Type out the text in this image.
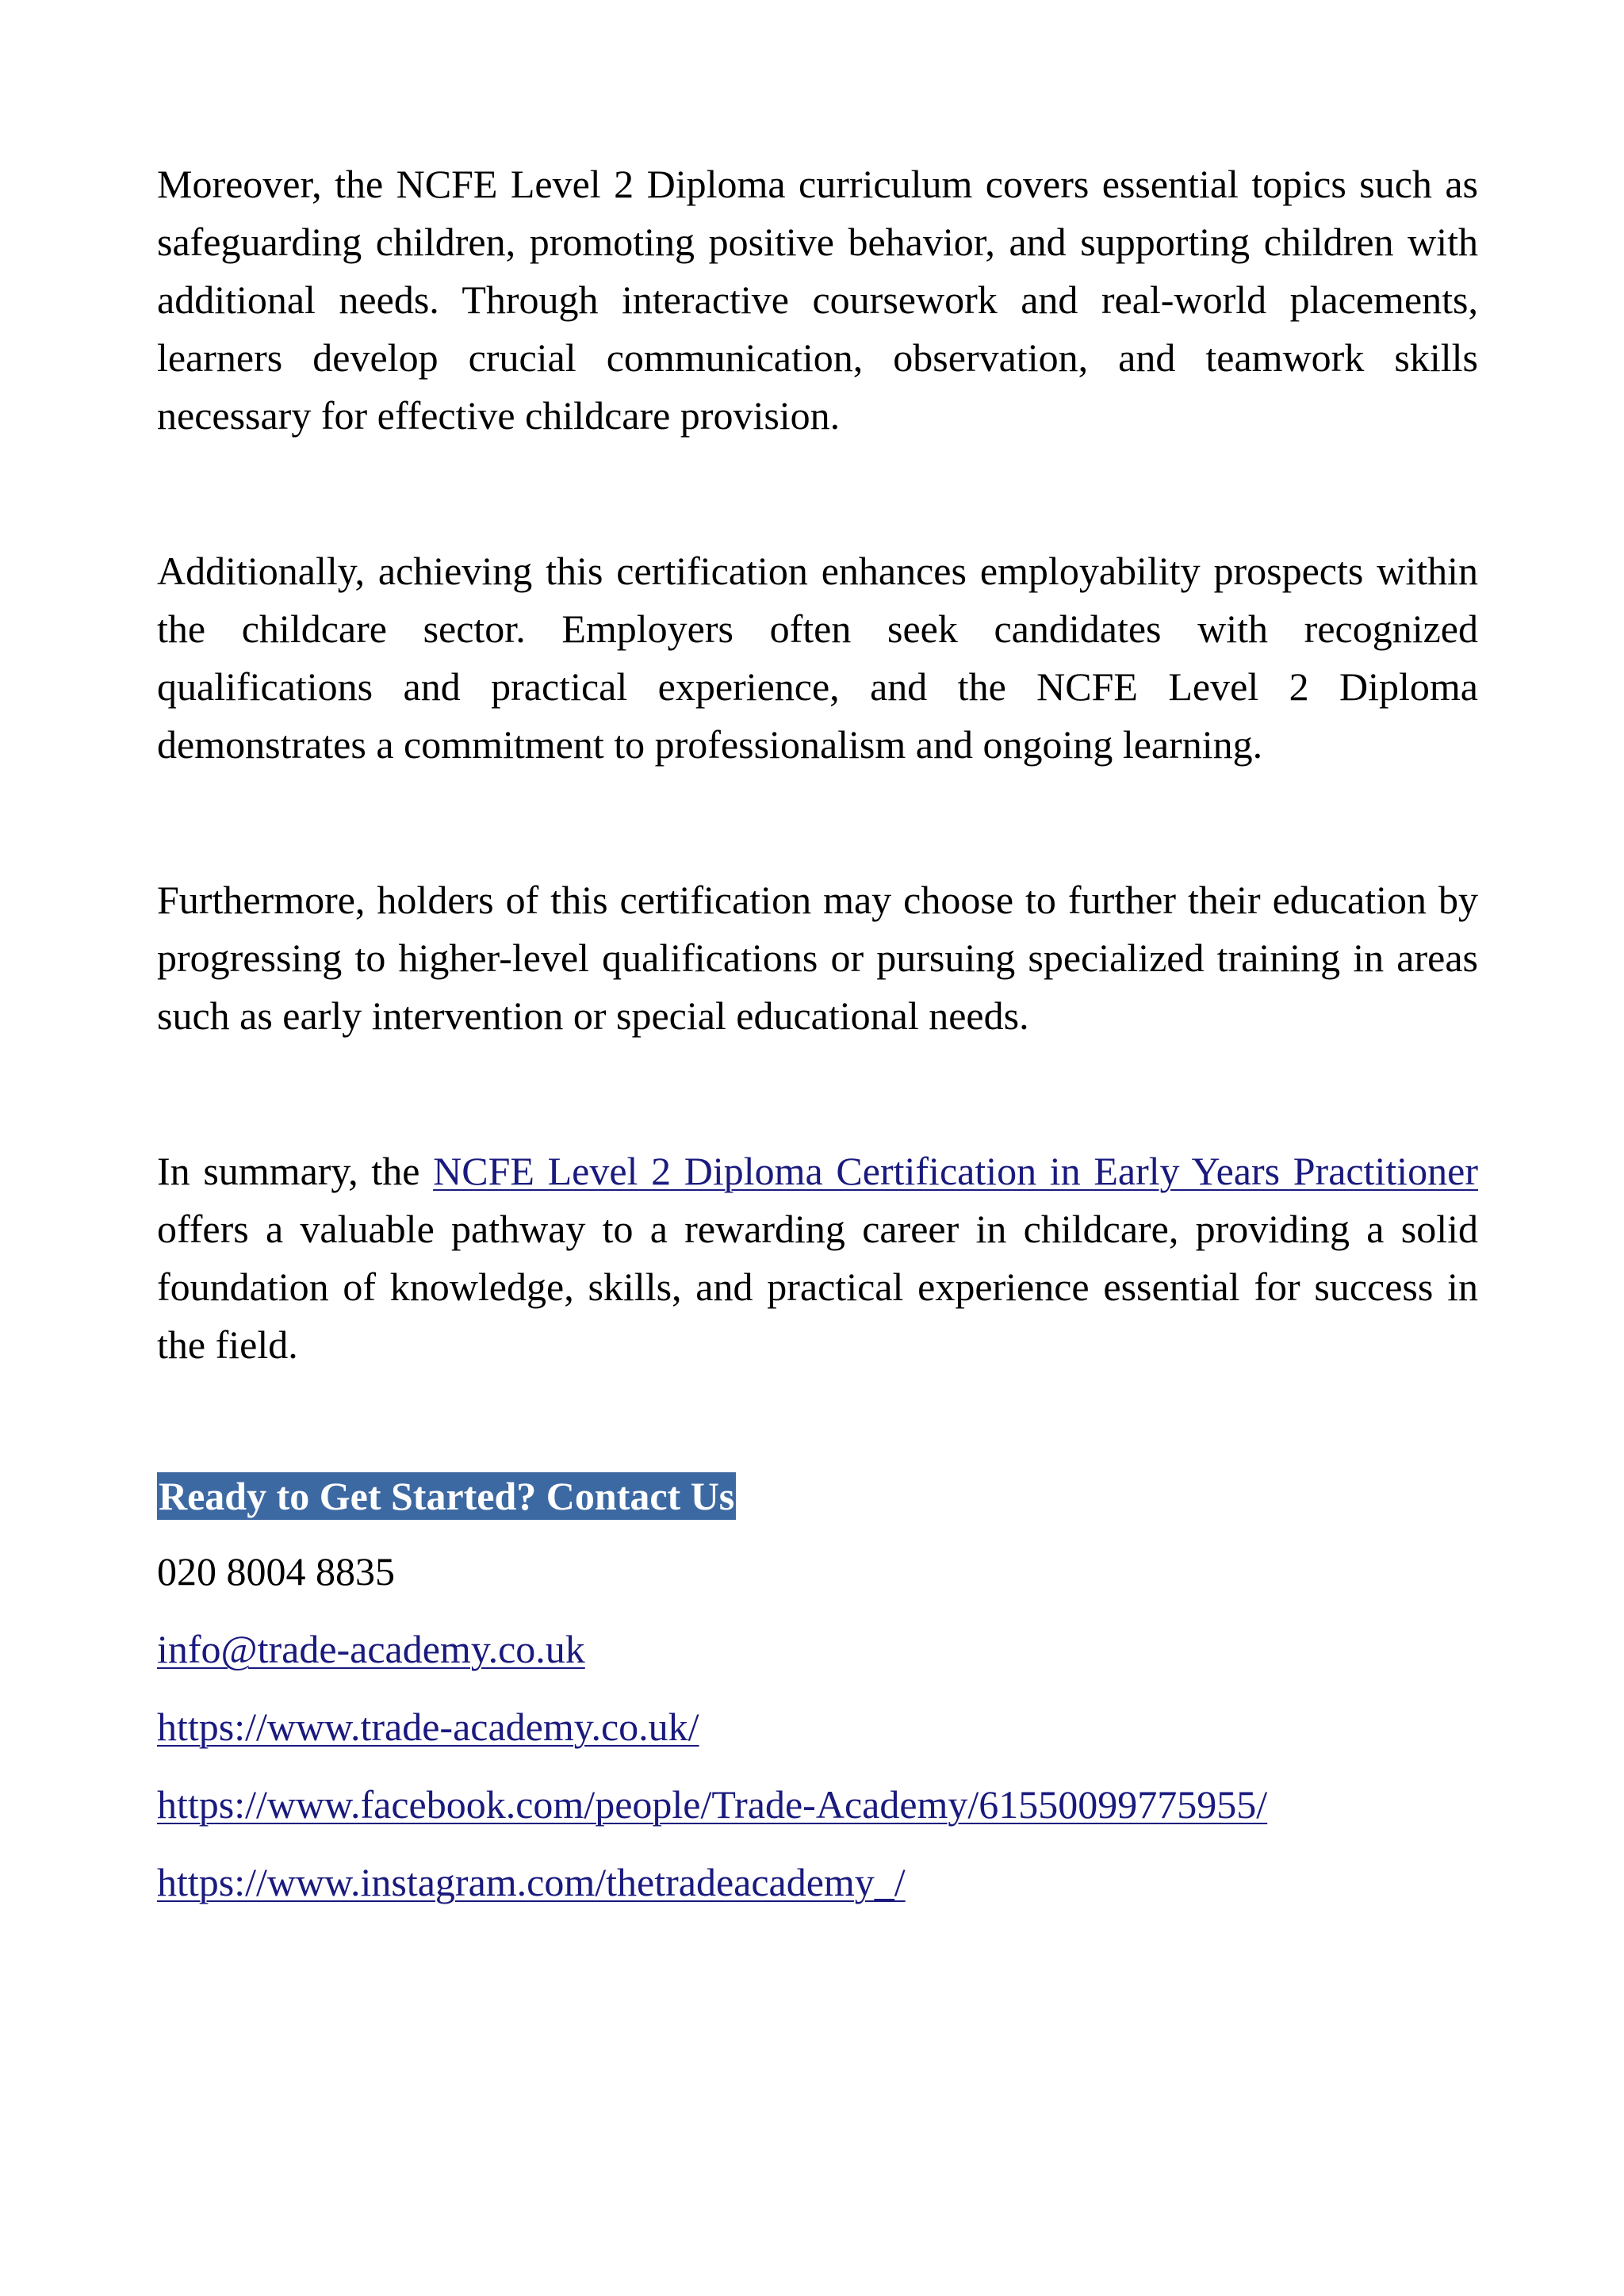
Moreover, the NCFE Level 2 Diploma curriculum covers essential topics such as safeguarding children, promoting positive behavior, and supporting children with additional needs. Through interactive coursework and real-world placements, learners develop crucial communication, observation, and teamwork skills necessary for effective childcare provision.

Additionally, achieving this certification enhances employability prospects within the childcare sector. Employers often seek candidates with recognized qualifications and practical experience, and the NCFE Level 2 Diploma demonstrates a commitment to professionalism and ongoing learning.

Furthermore, holders of this certification may choose to further their education by progressing to higher-level qualifications or pursuing specialized training in areas such as early intervention or special educational needs.

In summary, the NCFE Level 2 Diploma Certification in Early Years Practitioner offers a valuable pathway to a rewarding career in childcare, providing a solid foundation of knowledge, skills, and practical experience essential for success in the field.

Ready to Get Started? Contact Us

020 8004 8835

info@trade-academy.co.uk

https://www.trade-academy.co.uk/

https://www.facebook.com/people/Trade-Academy/61550099775955/

https://www.instagram.com/thetradeacademy_/
